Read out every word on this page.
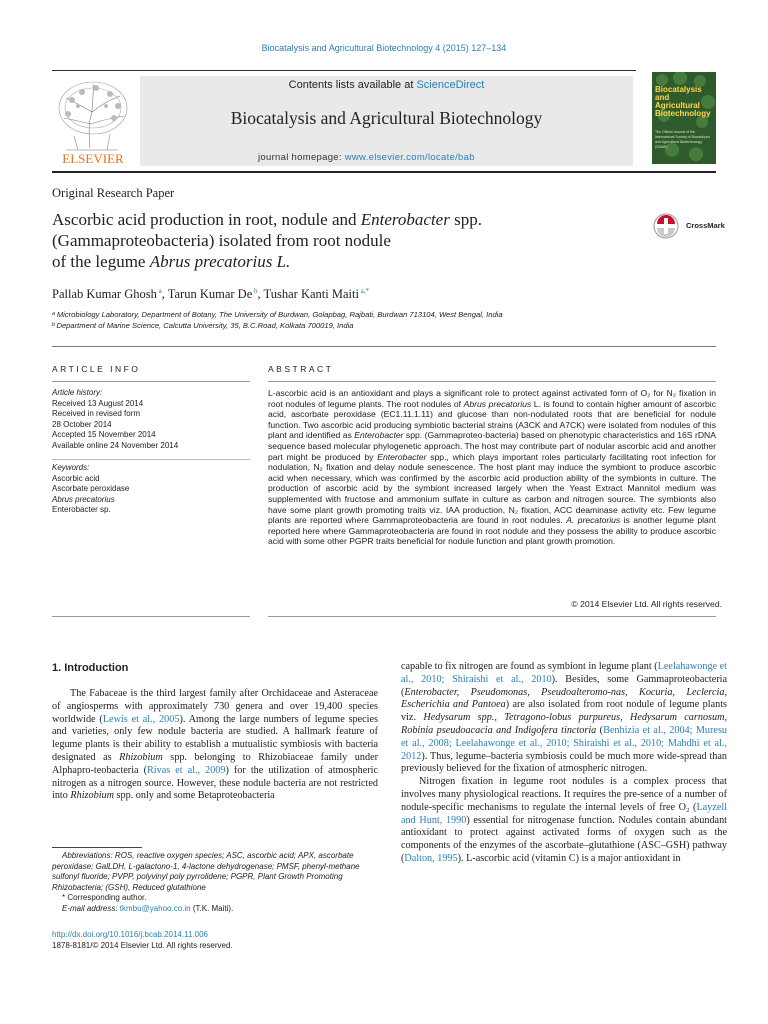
Biocatalysis and Agricultural Biotechnology 4 (2015) 127–134
ELSEVIER
Contents lists available at ScienceDirect
Biocatalysis and Agricultural Biotechnology
journal homepage: www.elsevier.com/locate/bab
Biocatalysis and Agricultural Biotechnology
The Official Journal of the International Society of Biocatalysis and Agricultural Biotechnology (ISBAB)
Original Research Paper
Ascorbic acid production in root, nodule and Enterobacter spp.
(Gammaproteobacteria) isolated from root nodule
of the legume Abrus precatorius L.
CrossMark
Pallab Kumar Ghosh $^a$, Tarun Kumar De $^b$, Tushar Kanti Maiti $^{a,*}$
ᵃ Microbiology Laboratory, Department of Botany, The University of Burdwan, Golapbag, Rajbati, Burdwan 713104, West Bengal, India
ᵇ Department of Marine Science, Calcutta University, 35, B.C.Road, Kolkata 700019, India
ARTICLE INFO	ABSTRACT
Article history:
Received 13 August 2014
Received in revised form
28 October 2014
Accepted 15 November 2014
Available online 24 November 2014
Keywords:
Ascorbic acid
Ascorbate peroxidase
Abrus precatorius
Enterobacter sp.
L-ascorbic acid is an antioxidant and plays a significant role to protect against activated form of O₂ for N₂ fixation in root nodules of legume plants. The root nodules of Abrus precatorius L. is found to contain higher amount of ascorbic acid, ascorbate peroxidase (EC1.11.1.11) and glucose than non-nodulated roots that are beneficial for nodule function. Two ascorbic acid producing symbiotic bacterial strains (A3CK and A7CK) were isolated from nodules of this plant and identified as Enterobacter spp. (Gammaproteo-bacteria) based on phenotypic characteristics and 16S rDNA sequence based molecular phylogenetic approach. The host may contribute part of nodular ascorbic acid and another part might be produced by Enterobacter spp., which plays important roles particularly facilitating root infection for nodulation, N₂ fixation and delay nodule senescence. The host plant may induce the symbiont to produce ascorbic acid when necessary, which was confirmed by the ascorbic acid production ability of the symbionts in culture. The production of ascorbic acid by the symbiont increased largely when the Yeast Extract Mannitol medium was supplemented with fructose and ammonium sulfate in culture as carbon and nitrogen source. The symbionts also have some plant growth promoting traits viz. IAA production, N₂ fixation, ACC deaminase activity etc. Few legume plants are reported where Gammaproteobacteria are found in root nodules. A. precatorius is another legume plant reported here where Gammaproteobacteria are found in root nodule and they possess the ability to produce ascorbic acid with some other PGPR traits beneficial for nodule function and plant growth promotion.
© 2014 Elsevier Ltd. All rights reserved.
1. Introduction
The Fabaceae is the third largest family after Orchidaceae and Asteraceae of angiosperms with approximately 730 genera and over 19,400 species worldwide (Lewis et al., 2005). Among the large numbers of legume species and varieties, only few nodule bacteria are studied. A hallmark feature of legume plants is their ability to establish a mutualistic symbiosis with bacteria designated as Rhizobium spp. belonging to Rhizobiaceae family under Alphapro-teobacteria (Rivas et al., 2009) for the utilization of atmospheric nitrogen as a nitrogen source. However, these nodule bacteria are not restricted into Rhizobium spp. only and some Betaproteobacteria

Abbreviations: ROS, reactive oxygen species; ASC, ascorbic acid; APX, ascorbate peroxidase; GalLDH, L-galactono-1, 4-lactone dehydrogenase; PMSF, phenyl-methane sulfonyl fluoride; PVPP, polyvinyl poly pyrrolidene; PGPR, Plant Growth Promoting Rhizobacteria; (GSH), Reduced glutathione

* Corresponding author.

E-mail address: tkmbu@yahoo.co.in (T.K. Maiti).

http://dx.doi.org/10.1016/j.bcab.2014.11.006
1878-8181/© 2014 Elsevier Ltd. All rights reserved.

capable to fix nitrogen are found as symbiont in legume plant (Leelahawonge et al., 2010; Shiraishi et al., 2010). Besides, some Gammaproteobacteria (Enterobacter, Pseudomonas, Pseudoalteromo-nas, Kocuria, Leclercia, Escherichia and Pantoea) are also isolated from root nodule of legume plants viz. Hedysarum spp., Tetragono-lobus purpureus, Hedysarum carnosum, Robinia pseudoacacia and Indigofera tinctoria (Benhizia et al., 2004; Muresu et al., 2008; Leelahawonge et al., 2010; Shiraishi et al., 2010; Mahdhi et al., 2012). Thus, legume–bacteria symbiosis could be much more wide-spread than previously believed for the fixation of atmospheric nitrogen.

Nitrogen fixation in legume root nodules is a complex process that involves many physiological reactions. It requires the pre-sence of a number of nodule-specific mechanisms to regulate the internal levels of free O₂ (Layzell and Hunt, 1990) essential for nitrogenase function. Nodules contain abundant antioxidant to protect against activated forms of oxygen such as the components of the enzymes of the ascorbate–glutathione (ASC–GSH) pathway (Dalton, 1995). L-ascorbic acid (vitamin C) is a major antioxidant in
